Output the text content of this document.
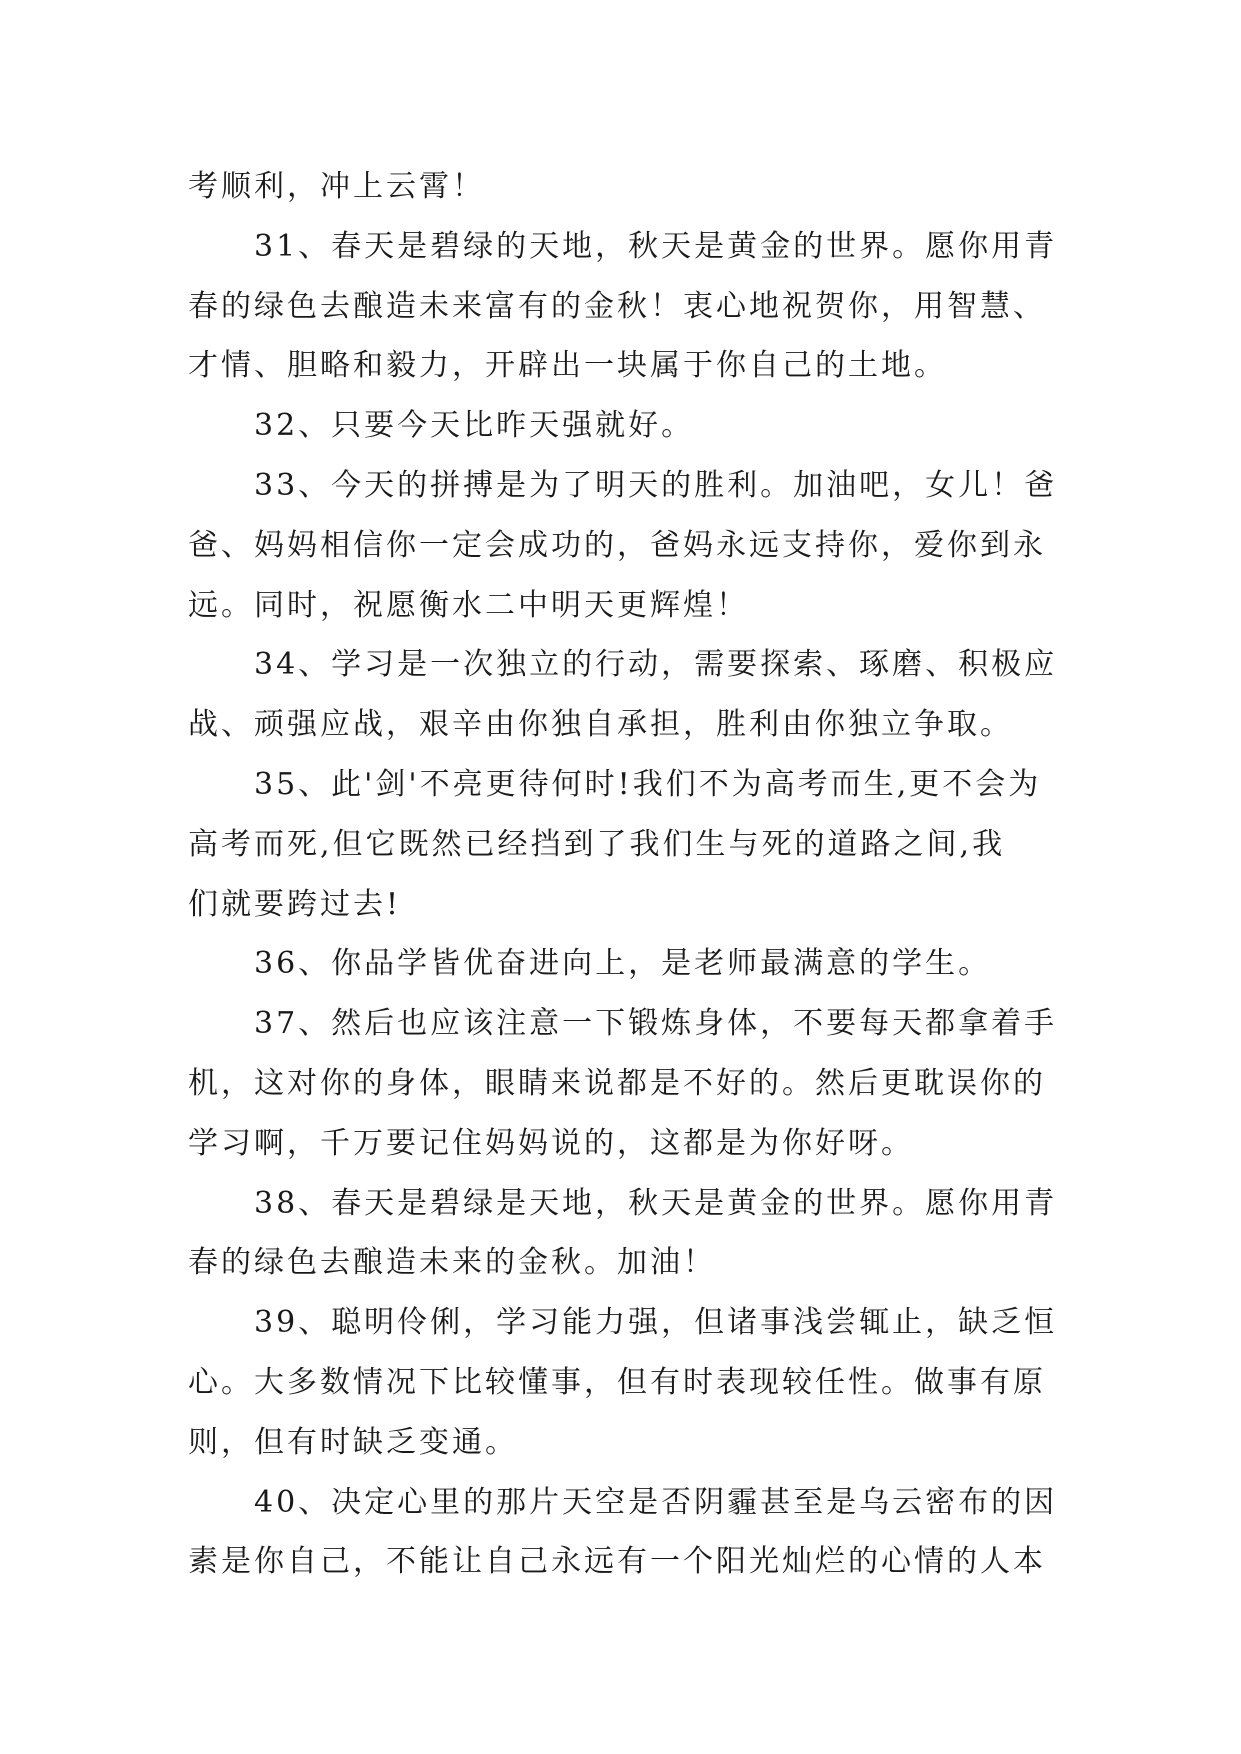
考顺利，冲上云霄！

31、春天是碧绿的天地，秋天是黄金的世界。愿你用青
春的绿色去酿造未来富有的金秋！衷心地祝贺你，用智慧、
才情、胆略和毅力，开辟出一块属于你自己的土地。

32、只要今天比昨天强就好。

33、今天的拼搏是为了明天的胜利。加油吧，女儿！爸
爸、妈妈相信你一定会成功的，爸妈永远支持你，爱你到永
远。同时，祝愿衡水二中明天更辉煌！

34、学习是一次独立的行动，需要探索、琢磨、积极应
战、顽强应战，艰辛由你独自承担，胜利由你独立争取。

35、此'剑'不亮更待何时!我们不为高考而生,更不会为
高考而死,但它既然已经挡到了我们生与死的道路之间,我
们就要跨过去!

36、你品学皆优奋进向上，是老师最满意的学生。

37、然后也应该注意一下锻炼身体，不要每天都拿着手
机，这对你的身体，眼睛来说都是不好的。然后更耽误你的
学习啊，千万要记住妈妈说的，这都是为你好呀。

38、春天是碧绿是天地，秋天是黄金的世界。愿你用青
春的绿色去酿造未来的金秋。加油！

39、聪明伶俐，学习能力强，但诸事浅尝辄止，缺乏恒
心。大多数情况下比较懂事，但有时表现较任性。做事有原
则，但有时缺乏变通。

40、决定心里的那片天空是否阴霾甚至是乌云密布的因
素是你自己，不能让自己永远有一个阳光灿烂的心情的人本
